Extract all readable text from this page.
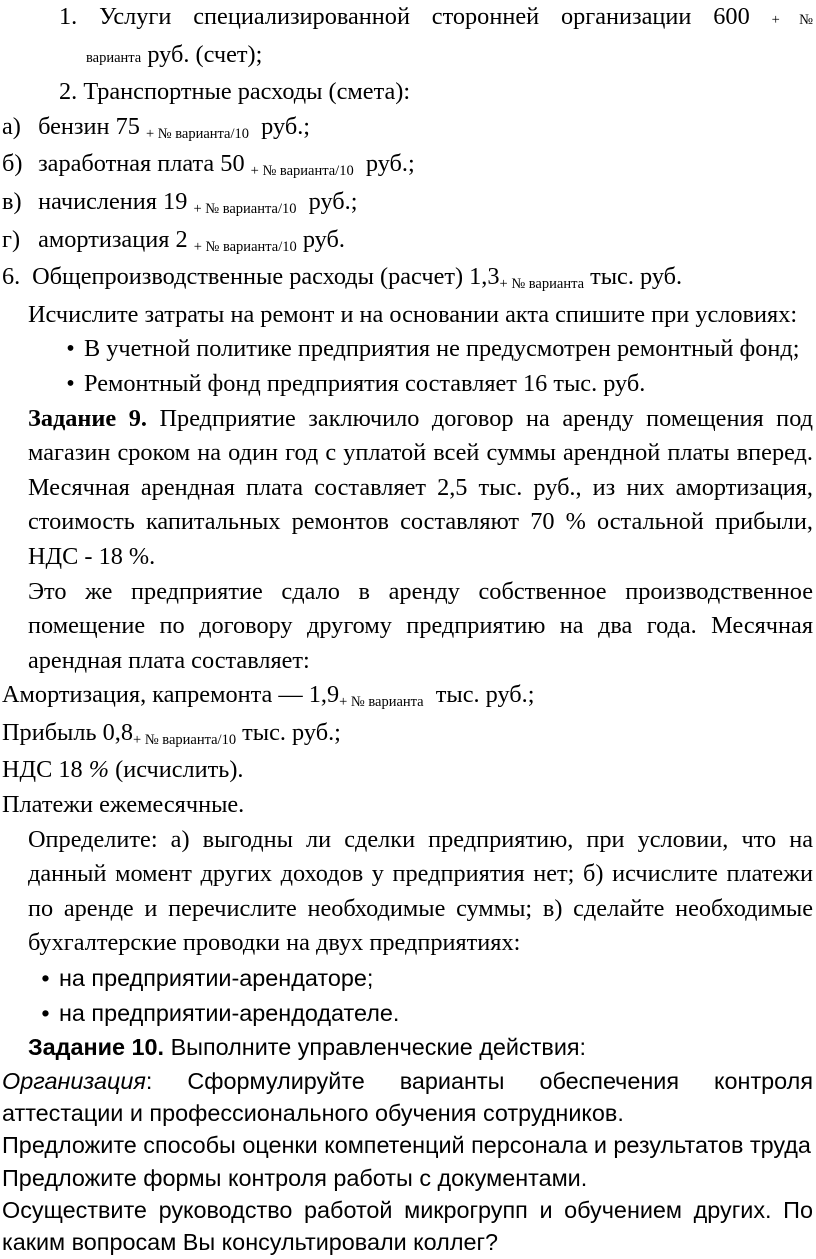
1. Услуги специализированной сторонней организации 600 + №
варианта руб. (счет);
2. Транспортные расходы (смета):
а) бензин 75 + № варианта/10 руб.;
б) заработная плата 50 + № варианта/10 руб.;
в) начисления 19 + № варианта/10 руб.;
г) амортизация 2 + № варианта/10 руб.
6. Общепроизводственные расходы (расчет) 1,3+ № варианта тыс. руб.
Исчислите затраты на ремонт и на основании акта спишите при условиях:
• В учетной политике предприятия не предусмотрен ремонтный фонд;
• Ремонтный фонд предприятия составляет 16 тыс. руб.
Задание 9. Предприятие заключило договор на аренду помещения под магазин сроком на один год с уплатой всей суммы арендной платы вперед. Месячная арендная плата составляет 2,5 тыс. руб., из них амортизация, стоимость капитальных ремонтов составляют 70 % остальной прибыли, НДС - 18 %.
Это же предприятие сдало в аренду собственное производственное помещение по договору другому предприятию на два года. Месячная арендная плата составляет:
Амортизация, капремонта — 1,9+ № варианта тыс. руб.;
Прибыль 0,8+ № варианта/10 тыс. руб.;
НДС 18 % (исчислить).
Платежи ежемесячные.
Определите: а) выгодны ли сделки предприятию, при условии, что на данный момент других доходов у предприятия нет; б) исчислите платежи по аренде и перечислите необходимые суммы; в) сделайте необходимые бухгалтерские проводки на двух предприятиях:
• на предприятии-арендаторе;
• на предприятии-арендодателе.
Задание 10. Выполните управленческие действия:
Организация: Сформулируйте варианты обеспечения контроля аттестации и профессионального обучения сотрудников.
Предложите способы оценки компетенций персонала и результатов труда
Предложите формы контроля работы с документами.
Осуществите руководство работой микрогрупп и обучением других. По каким вопросам Вы консультировали коллег?
